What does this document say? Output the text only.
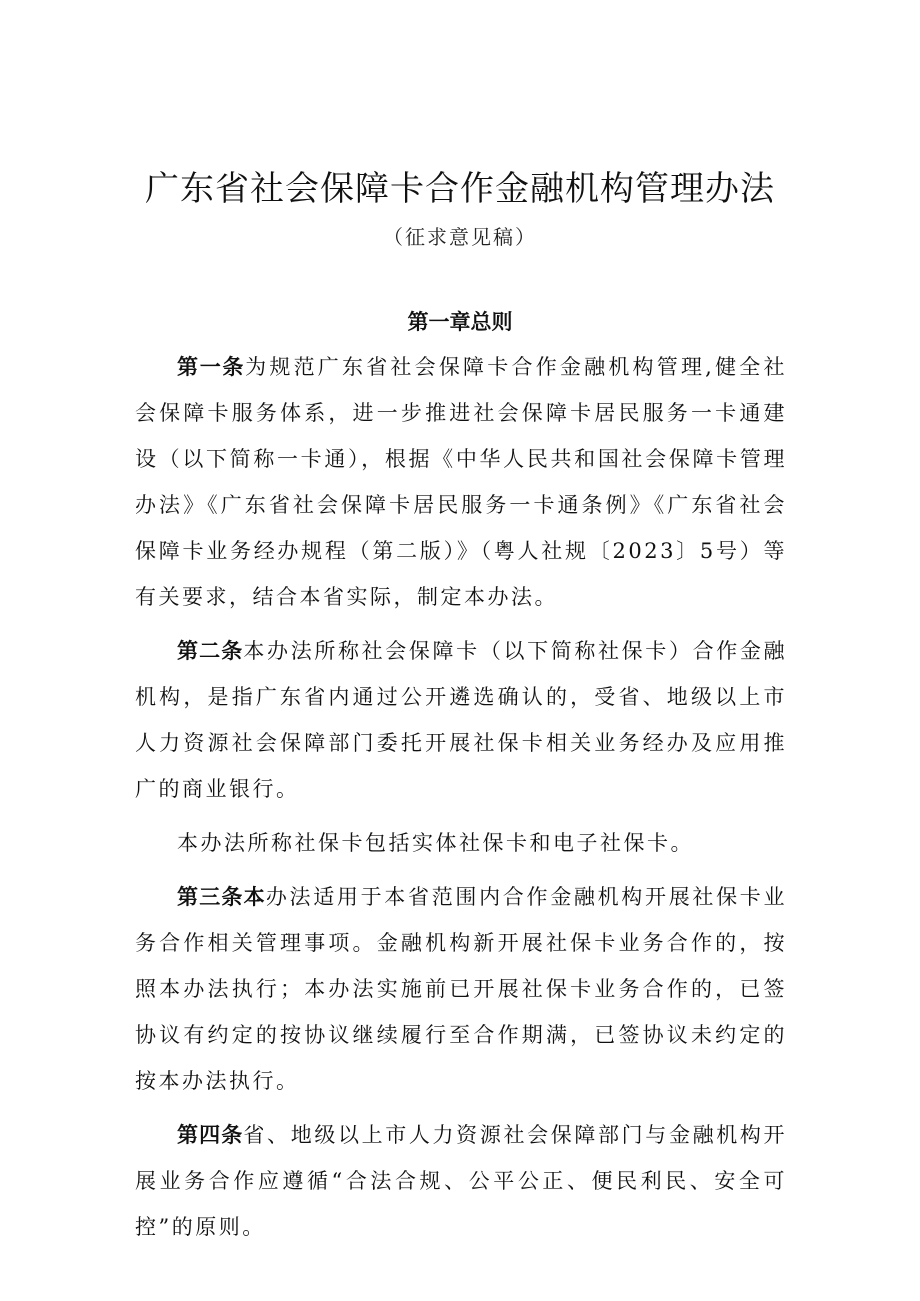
广东省社会保障卡合作金融机构管理办法
（征求意见稿）
第一章总则

第一条为规范广东省社会保障卡合作金融机构管理,健全社会保障卡服务体系，进一步推进社会保障卡居民服务一卡通建设（以下简称一卡通），根据《中华人民共和国社会保障卡管理办法》《广东省社会保障卡居民服务一卡通条例》《广东省社会保障卡业务经办规程（第二版）》（粤人社规〔2023〕5号）等有关要求，结合本省实际，制定本办法。

第二条本办法所称社会保障卡（以下简称社保卡）合作金融机构，是指广东省内通过公开遴选确认的，受省、地级以上市人力资源社会保障部门委托开展社保卡相关业务经办及应用推广的商业银行。

本办法所称社保卡包括实体社保卡和电子社保卡。

第三条本办法适用于本省范围内合作金融机构开展社保卡业务合作相关管理事项。金融机构新开展社保卡业务合作的，按照本办法执行；本办法实施前已开展社保卡业务合作的，已签协议有约定的按协议继续履行至合作期满，已签协议未约定的按本办法执行。

第四条省、地级以上市人力资源社会保障部门与金融机构开展业务合作应遵循“合法合规、公平公正、便民利民、安全可控”的原则。
